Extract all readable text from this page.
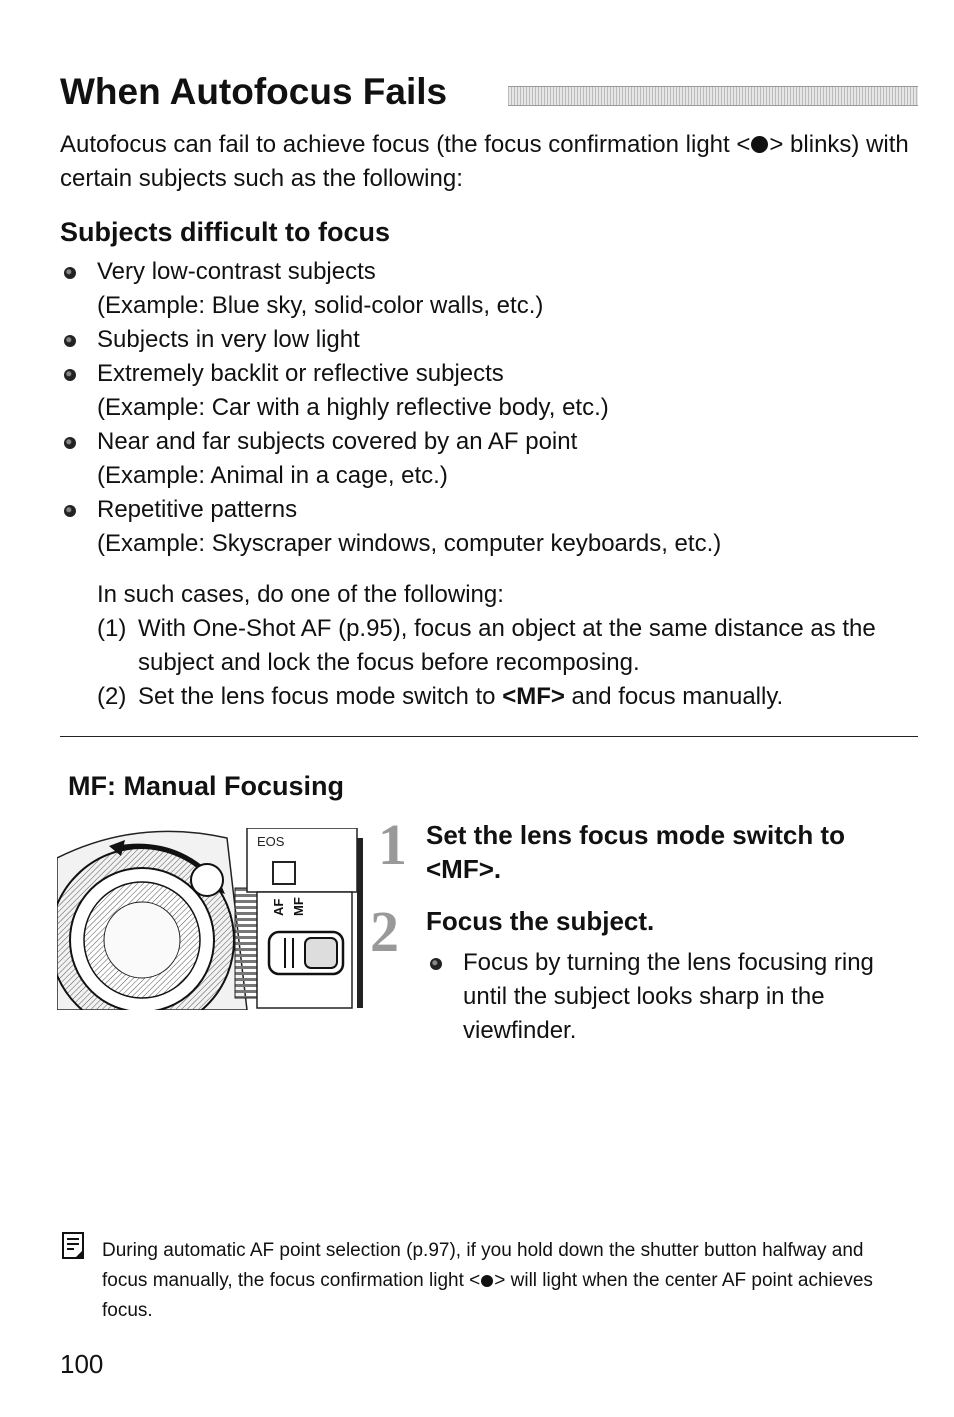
When Autofocus Fails

Autofocus can fail to achieve focus (the focus confirmation light < > blinks) with certain subjects such as the following:

Subjects difficult to focus
Very low-contrast subjects
(Example: Blue sky, solid-color walls, etc.)
Subjects in very low light
Extremely backlit or reflective subjects
(Example: Car with a highly reflective body, etc.)
Near and far subjects covered by an AF point
(Example: Animal in a cage, etc.)
Repetitive patterns
(Example: Skyscraper windows, computer keyboards, etc.)

In such cases, do one of the following:

(1) With One-Shot AF (p.95), focus an object at the same distance as the subject and lock the focus before recomposing.
(2) Set the lens focus mode switch to <MF> and focus manually.
MF: Manual Focusing
EOS
AF MF
1 Set the lens focus mode switch to <MF>.
2 Focus the subject.
Focus by turning the lens focusing ring until the subject looks sharp in the viewfinder.

During automatic AF point selection (p.97), if you hold down the shutter button halfway and focus manually, the focus confirmation light < > will light when the center AF point achieves focus.

100
